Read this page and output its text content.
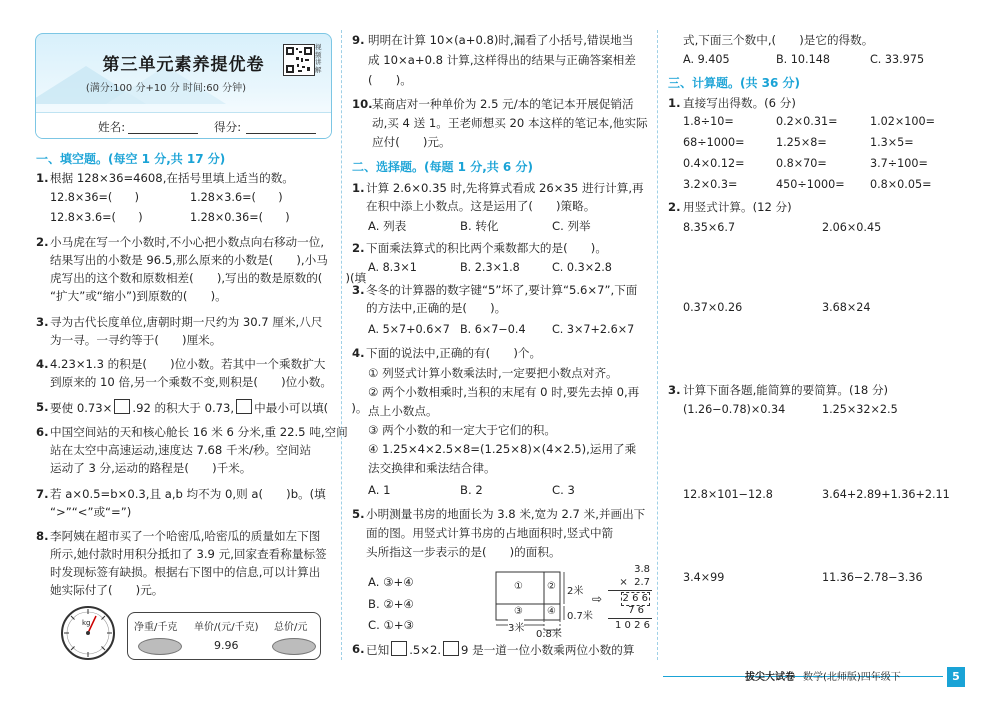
第三单元素养提优卷
(满分:100 分+10 分 时间:60 分钟)
视频讲解
姓名:	得分:
一、填空题。(每空 1 分,共 17 分)
1. 根据 128×36=4608,在括号里填上适当的数。
12.8×36=(　　)	1.28×3.6=(　　)
12.8×3.6=(　　)	1.28×0.36=(　　)
2. 小马虎在写一个小数时,不小心把小数点向右移动一位,
结果写出的小数是 96.5,那么原来的小数是(　　),小马
虎写出的这个数和原数相差(　　),写出的数是原数的(　　)(填
“扩大”或“缩小”)到原数的(　　)。
3. 寻为古代长度单位,唐朝时期一尺约为 30.7 厘米,八尺
为一寻。一寻约等于(　　)厘米。
4. 4.23×1.3 的积是(　　)位小数。若其中一个乘数扩大
到原来的 10 倍,另一个乘数不变,则积是(　　)位小数。
5. 要使 0.73× .92 的积大于 0.73, 中最小可以填(　　)。
6. 中国空间站的天和核心舱长 16 米 6 分米,重 22.5 吨,空间
站在太空中高速运动,速度达 7.68 千米/秒。空间站
运动了 3 分,运动的路程是(　　)千米。
7. 若 a×0.5=b×0.3,且 a,b 均不为 0,则 a(　　)b。(填
“>”“<”或“=”)
8. 李阿姨在超市买了一个哈密瓜,哈密瓜的质量如左下图
所示,她付款时用积分抵扣了 3.9 元,回家查看称量标签
时发现标签有缺损。根据右下图中的信息,可以计算出
她实际付了(　　)元。
kg	净重/千克 单价/(元/千克) 总价/元
9.96
9. 明明在计算 10×(a+0.8)时,漏看了小括号,错误地当
成 10×a+0.8 计算,这样得出的结果与正确答案相差
(　　)。
10. 某商店对一种单价为 2.5 元/本的笔记本开展促销活
动,买 4 送 1。王老师想买 20 本这样的笔记本,他实际
应付(　　)元。
二、选择题。(每题 1 分,共 6 分)
1. 计算 2.6×0.35 时,先将算式看成 26×35 进行计算,再
在积中添上小数点。这是运用了(　　)策略。
A. 列表	B. 转化	C. 列举
2. 下面乘法算式的积比两个乘数都大的是(　　)。
A. 8.3×1	B. 2.3×1.8	C. 0.3×2.8
3. 冬冬的计算器的数字键“5”坏了,要计算“5.6×7”,下面
的方法中,正确的是(　　)。
A. 5×7+0.6×7 B. 6×7−0.4 C. 3×7+2.6×7
4. 下面的说法中,正确的有(　　)个。
① 列竖式计算小数乘法时,一定要把小数点对齐。
② 两个小数相乘时,当积的末尾有 0 时,要先去掉 0,再
点上小数点。
③ 两个小数的和一定大于它们的积。
④ 1.25×4×2.5×8=(1.25×8)×(4×2.5),运用了乘
法交换律和乘法结合律。
A. 1	B. 2	C. 3
5. 小明测量书房的地面长为 3.8 米,宽为 2.7 米,并画出下
面的图。用竖式计算书房的占地面积时,竖式中箭
头所指这一步表示的是(　　)的面积。
A. ③+④
B. ②+④
C. ①+③
① ②
③ ④
2米
0.7米
3米
0.8米
3.8
×  2.7
2 6 6
7 6
1 0 2 6
⇨
6. 已知 .5×2. 9 是一道一位小数乘两位小数的算
式,下面三个数中,(　　)是它的得数。
A. 9.405	B. 10.148	C. 33.975
三、计算题。(共 36 分)
1. 直接写出得数。(6 分)
1.8÷10=	0.2×0.31=	1.02×100=
68÷1000=	1.25×8=	1.3×5=
0.4×0.12=	0.8×70=	3.7÷100=
3.2×0.3=	450÷1000= 0.8×0.05=
2. 用竖式计算。(12 分)
8.35×6.7	2.06×0.45
0.37×0.26	3.68×24
3. 计算下面各题,能简算的要简算。(18 分)
(1.26−0.78)×0.34	1.25×32×2.5
12.8×101−12.8	3.64+2.89+1.36+2.11
3.4×99	11.36−2.78−3.36
拔尖大试卷 数学(北师版)四年级下	5
